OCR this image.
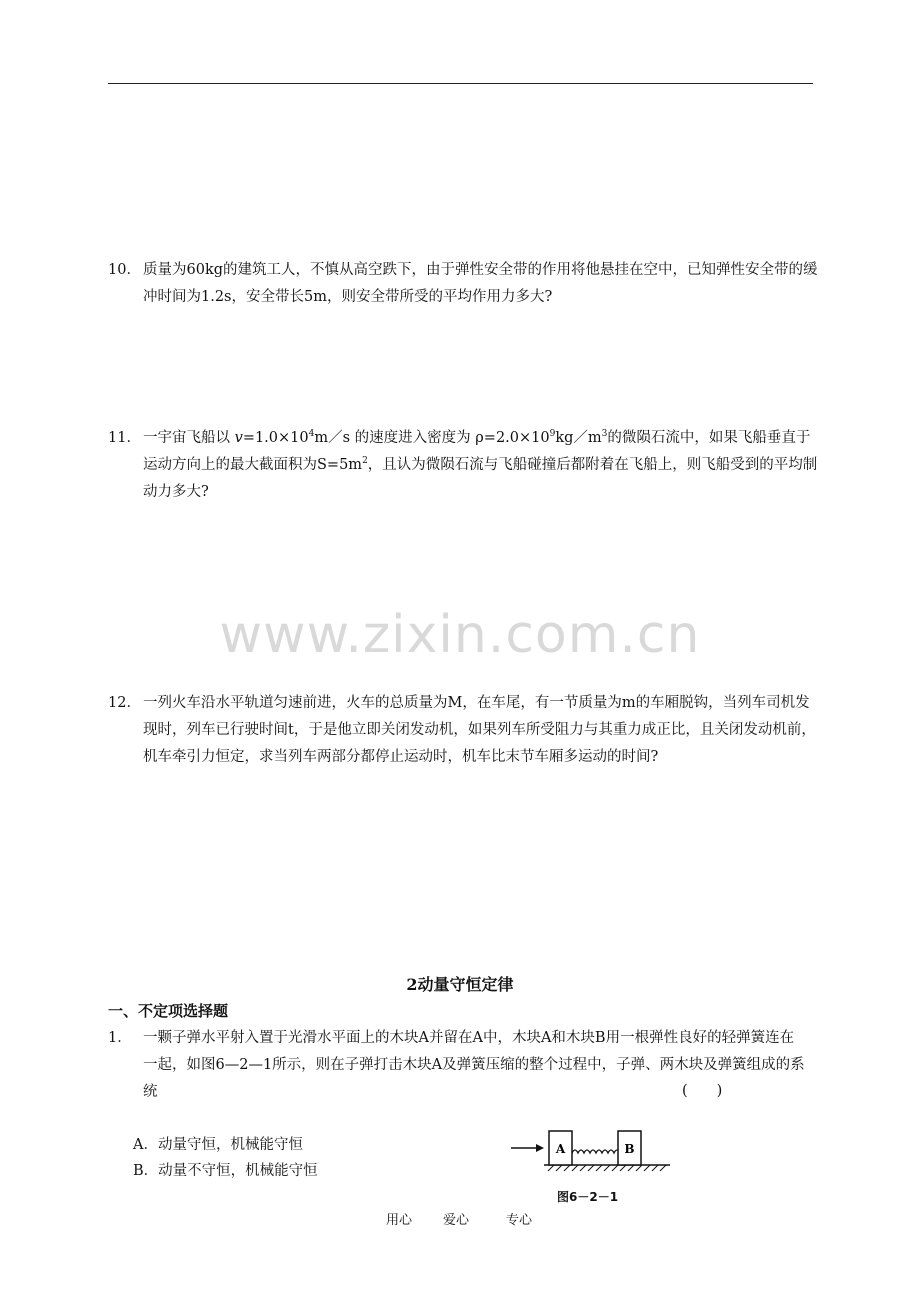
10． 质量为60kg的建筑工人，不慎从高空跌下，由于弹性安全带的作用将他悬挂在空中，已知弹性安全带的缓冲时间为1.2s，安全带长5m，则安全带所受的平均作用力多大?
11． 一宇宙飞船以 $v=1.0\times 10^4m/s$ 的速度进入密度为 $\rho=2.0\times 10^9kg/m^3$的微陨石流中，如果飞船垂直于运动方向上的最大截面积为$S=5m^2$，且认为微陨石流与飞船碰撞后都附着在飞船上，则飞船受到的平均制动力多大?
www.zixin.com.cn
12． 一列火车沿水平轨道匀速前进，火车的总质量为M，在车尾，有一节质量为m的车厢脱钩，当列车司机发现时，列车已行驶时间t，于是他立即关闭发动机，如果列车所受阻力与其重力成正比，且关闭发动机前，机车牵引力恒定，求当列车两部分都停止运动时，机车比末节车厢多运动的时间?
2动量守恒定律
一、不定项选择题
1． 一颗子弹水平射入置于光滑水平面上的木块A并留在A中，木块A和木块B用一根弹性良好的轻弹簧连在一起，如图6—2—1所示，则在子弹打击木块A及弹簧压缩的整个过程中，子弹、两木块及弹簧组成的系统	(　　)
A．动量守恒，机械能守恒
B．动量不守恒，机械能守恒
A	B
图6－2－1
用心 爱心	专心
